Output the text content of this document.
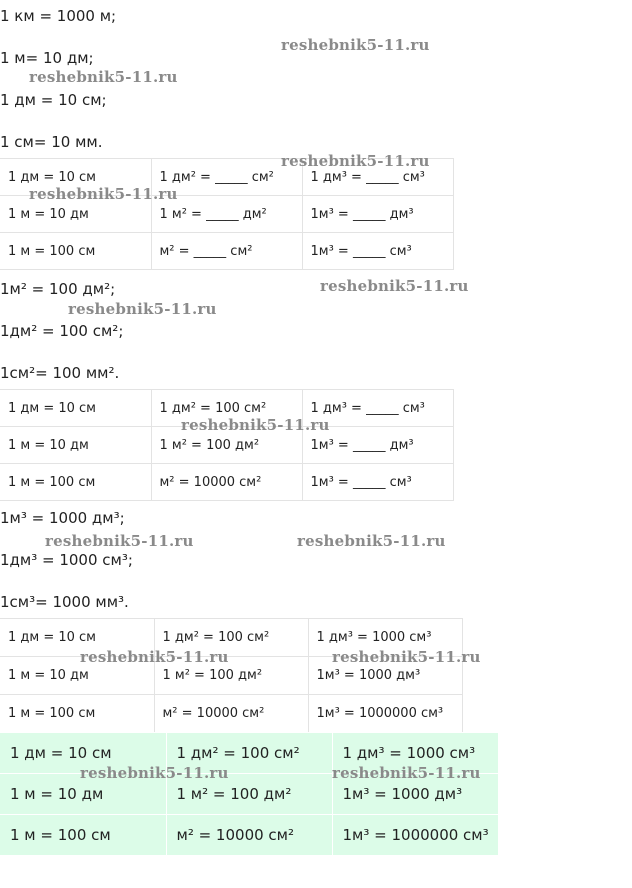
1 км = 1000 м;
1 м= 10 дм;
1 дм = 10 см;
1 см= 10 мм.
1 дм = 10 см	1 дм² = _____ см²	1 дм³ = _____ см³
1 м = 10 дм	1 м² = _____ дм²	1м³ = _____ дм³
1 м = 100 см	м² = _____ см²	1м³ = _____ см³
1м² = 100 дм²;
1дм² = 100 см²;
1см²= 100 мм².
1 дм = 10 см	1 дм² = 100 см²	1 дм³ = _____ см³
1 м = 10 дм	1 м² = 100 дм²	1м³ = _____ дм³
1 м = 100 см	м² = 10000 см²	1м³ = _____ см³
1м³ = 1000 дм³;
1дм³ = 1000 см³;
1см³= 1000 мм³.
1 дм = 10 см	1 дм² = 100 см²	1 дм³ = 1000 см³
1 м = 10 дм	1 м² = 100 дм²	1м³ = 1000 дм³
1 м = 100 см	м² = 10000 см²	1м³ = 1000000 см³
1 дм = 10 см	1 дм² = 100 см²	1 дм³ = 1000 см³
1 м = 10 дм	1 м² = 100 дм²	1м³ = 1000 дм³
1 м = 100 см	м² = 10000 см²	1м³ = 1000000 см³
reshebnik5-11.ru
reshebnik5-11.ru
reshebnik5-11.ru
reshebnik5-11.ru
reshebnik5-11.ru
reshebnik5-11.ru
reshebnik5-11.ru
reshebnik5-11.ru	reshebnik5-11.ru
reshebnik5-11.ru	reshebnik5-11.ru
reshebnik5-11.ru	reshebnik5-11.ru
